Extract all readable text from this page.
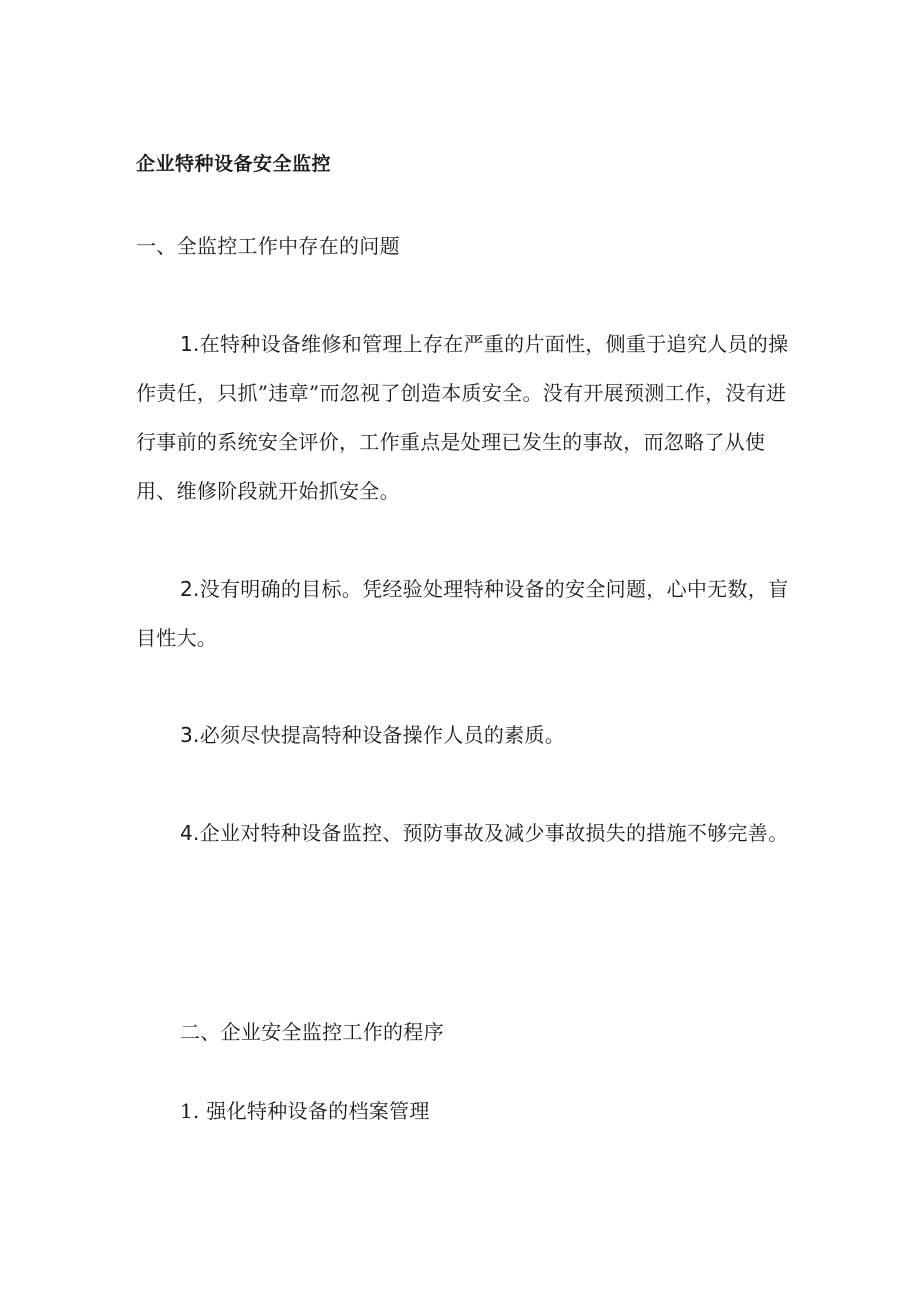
企业特种设备安全监控

一、全监控工作中存在的问题

1.在特种设备维修和管理上存在严重的片面性，侧重于追究人员的操作责任，只抓”违章”而忽视了创造本质安全。没有开展预测工作，没有进行事前的系统安全评价，工作重点是处理已发生的事故，而忽略了从使用、维修阶段就开始抓安全。

2.没有明确的目标。凭经验处理特种设备的安全问题，心中无数，盲目性大。

3.必须尽快提高特种设备操作人员的素质。

4.企业对特种设备监控、预防事故及减少事故损失的措施不够完善。

二、企业安全监控工作的程序

1. 强化特种设备的档案管理
